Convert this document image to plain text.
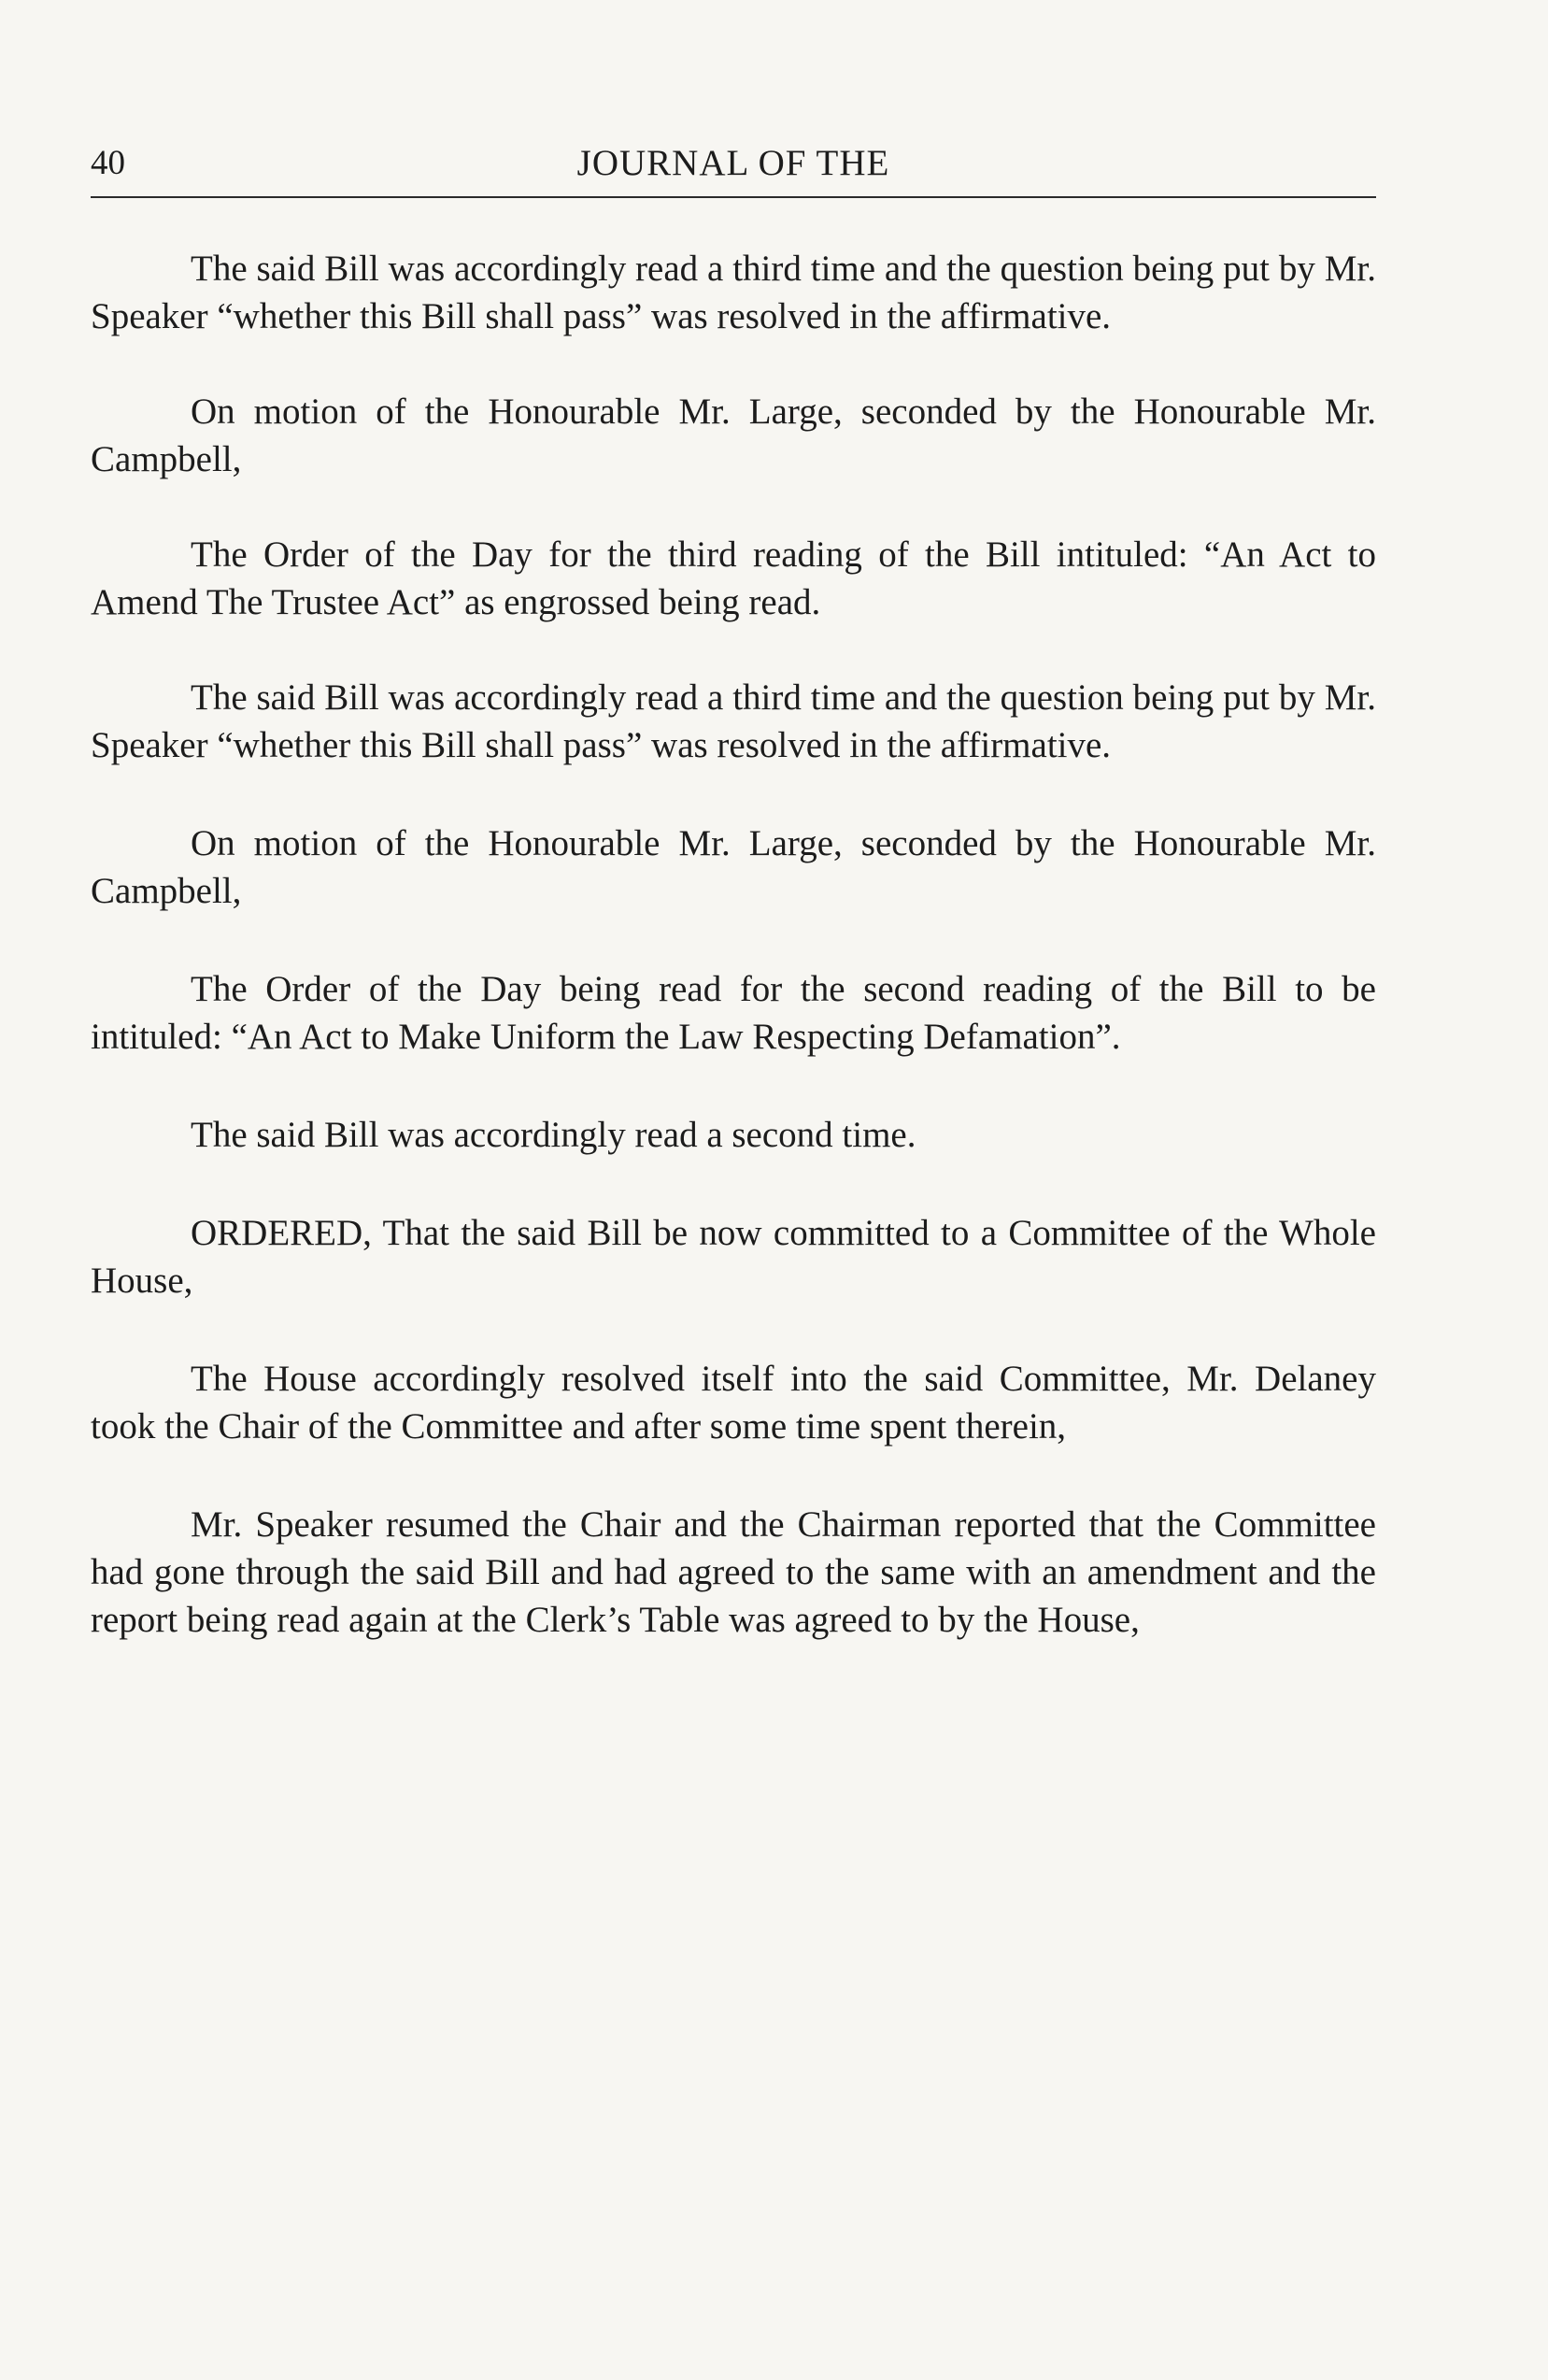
40	JOURNAL OF THE

The said Bill was accordingly read a third time and the question being put by Mr. Speaker “whether this Bill shall pass” was resolved in the affirmative.

On motion of the Honourable Mr. Large, seconded by the Honourable Mr. Campbell,

The Order of the Day for the third reading of the Bill intituled: “An Act to Amend The Trustee Act” as engrossed being read.

The said Bill was accordingly read a third time and the question being put by Mr. Speaker “whether this Bill shall pass” was resolved in the affirmative.

On motion of the Honourable Mr. Large, seconded by the Honourable Mr. Campbell,

The Order of the Day being read for the second reading of the Bill to be intituled: “An Act to Make Uniform the Law Respecting Defamation”.

The said Bill was accordingly read a second time.

ORDERED, That the said Bill be now committed to a Committee of the Whole House,

The House accordingly resolved itself into the said Committee, Mr. Delaney took the Chair of the Committee and after some time spent therein,

Mr. Speaker resumed the Chair and the Chairman reported that the Committee had gone through the said Bill and had agreed to the same with an amendment and the report being read again at the Clerk’s Table was agreed to by the House,
